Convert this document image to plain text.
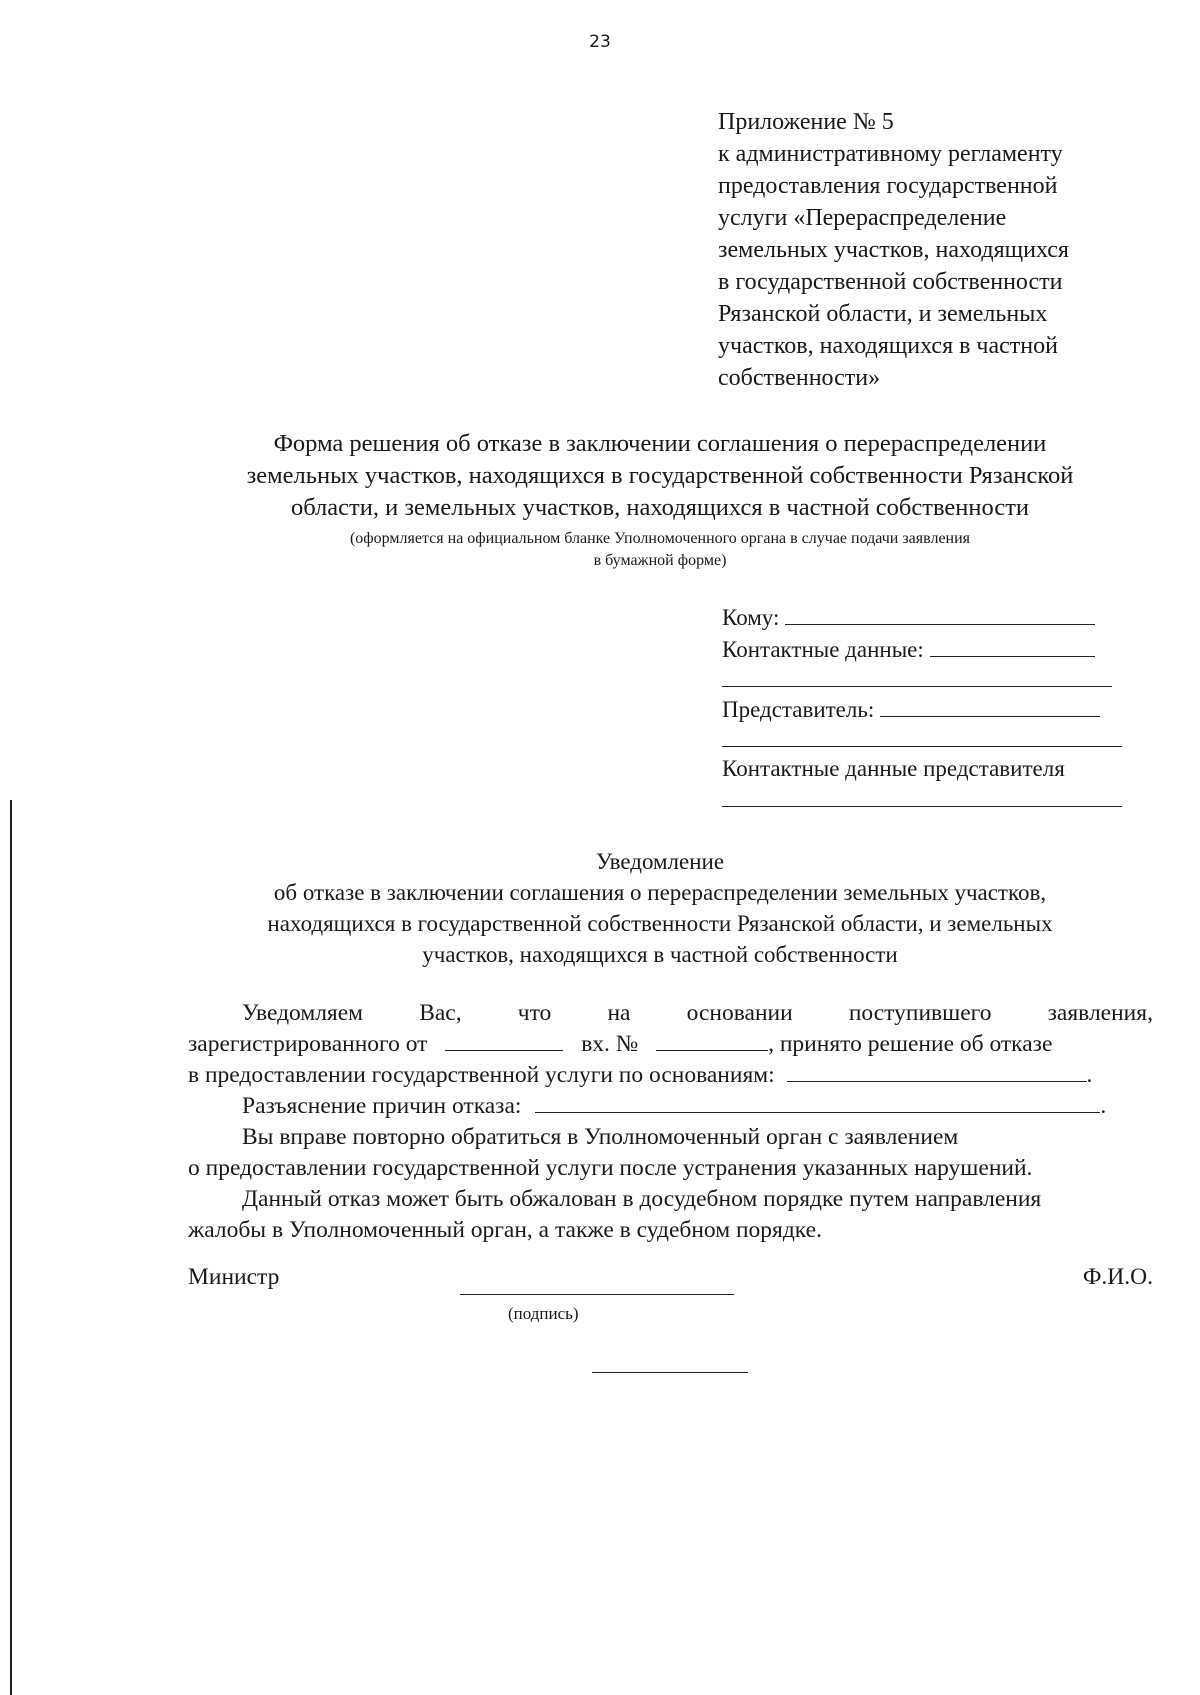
23
Приложение № 5
к административному регламенту
предоставления государственной
услуги «Перераспределение
земельных участков, находящихся
в государственной собственности
Рязанской области, и земельных
участков, находящихся в частной
собственности»
Форма решения об отказе в заключении соглашения о перераспределении
земельных участков, находящихся в государственной собственности Рязанской
области, и земельных участков, находящихся в частной собственности
(оформляется на официальном бланке Уполномоченного органа в случае подачи заявления
в бумажной форме)
Кому:
Контактные данные:
Представитель:
Контактные данные представителя
Уведомление
об отказе в заключении соглашения о перераспределении земельных участков,
находящихся в государственной собственности Рязанской области, и земельных
участков, находящихся в частной собственности
Уведомляем Вас, что на основании поступившего заявления,
зарегистрированного от	вх. №	, принято решение об отказе
в предоставлении государственной услуги по основаниям:	.
Разъяснение причин отказа:	.
Вы вправе повторно обратиться в Уполномоченный орган с заявлением
о предоставлении государственной услуги после устранения указанных нарушений.
Данный отказ может быть обжалован в досудебном порядке путем направления
жалобы в Уполномоченный орган, а также в судебном порядке.
Министр
(подпись)
Ф.И.О.
